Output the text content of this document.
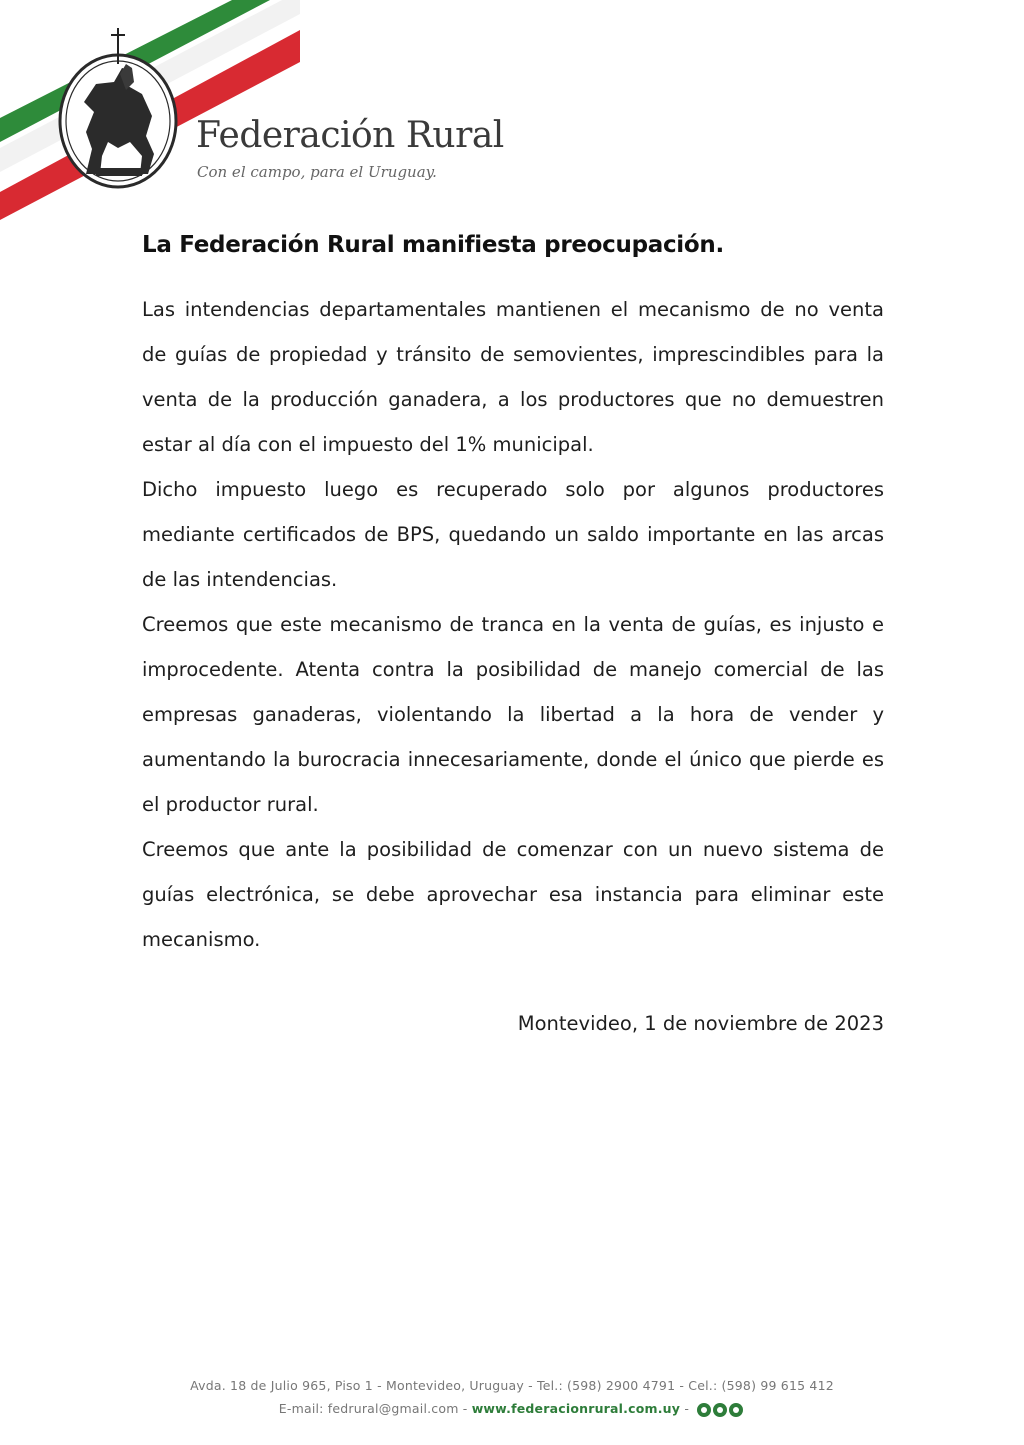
Federación Rural
Con el campo, para el Uruguay.
La Federación Rural manifiesta preocupación.

Las intendencias departamentales mantienen el mecanismo de no venta de guías de propiedad y tránsito de semovientes, imprescindibles para la venta de la producción ganadera, a los productores que no demuestren estar al día con el impuesto del 1% municipal.

Dicho impuesto luego es recuperado solo por algunos productores mediante certificados de BPS, quedando un saldo importante en las arcas de las intendencias.

Creemos que este mecanismo de tranca en la venta de guías, es injusto e improcedente. Atenta contra la posibilidad de manejo comercial de las empresas ganaderas, violentando la libertad a la hora de vender y aumentando la burocracia innecesariamente, donde el único que pierde es el productor rural.

Creemos que ante la posibilidad de comenzar con un nuevo sistema de guías electrónica, se debe aprovechar esa instancia para eliminar este mecanismo.

Montevideo, 1 de noviembre de 2023
Avda. 18 de Julio 965, Piso 1 - Montevideo, Uruguay - Tel.: (598) 2900 4791 - Cel.: (598) 99 615 412
E-mail: fedrural@gmail.com - www.federacionrural.com.uy -
